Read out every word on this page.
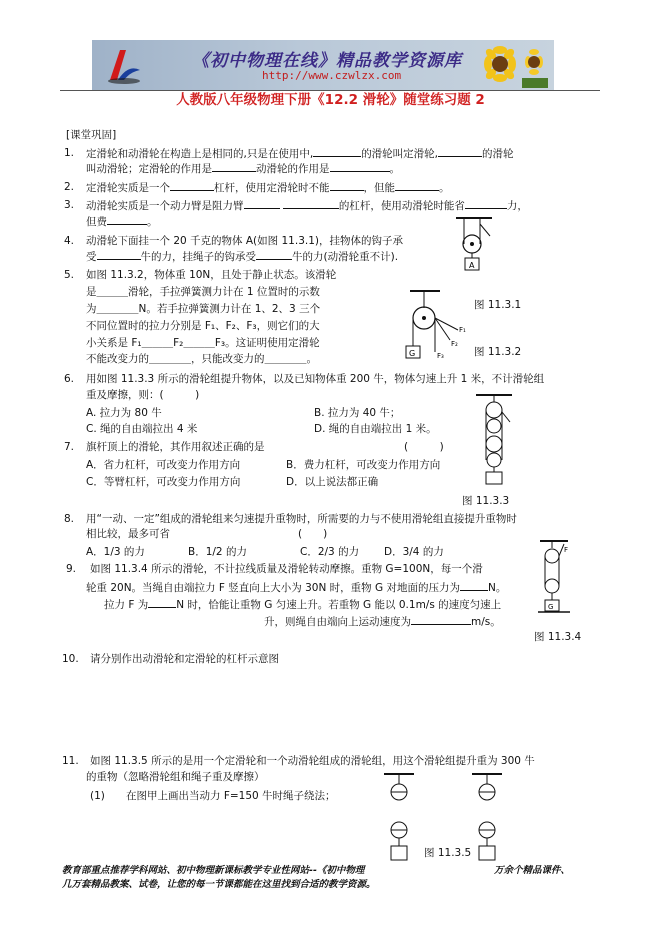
《初中物理在线》精品教学资源库
http://www.czwlzx.com
人教版八年级物理下册《12.2 滑轮》随堂练习题 2
[课堂巩固]
1. 定滑轮和动滑轮在构造上是相同的,只是在使用中,	的滑轮叫定滑轮,	的滑轮
叫动滑轮；定滑轮的作用是	动滑轮的作用是	。
2. 定滑轮实质是一个	杠杆，使用定滑轮时不能	，但能	。
3. 动滑轮实质是一个动力臂是阻力臂	的杠杆，使用动滑轮时能省	力，
但费	。
4. 动滑轮下面挂一个 20 千克的物体 A(如图 11.3.1)，挂物体的钩子承
受	牛的力，挂绳子的钩承受	牛的力(动滑轮重不计).
A
图 11.3.1
5. 如图 11.3.2，物体重 10N，且处于静止状态。该滑轮
是＿＿＿滑轮，手拉弹簧测力计在 1 位置时的示数
为＿＿＿＿N。若手拉弹簧测力计在 1、2、3 三个
不同位置时的拉力分别是 F₁、F₂、F₃，则它们的大
小关系是 F₁＿＿＿F₂＿＿＿F₃。这证明使用定滑轮
不能改变力的＿＿＿＿，只能改变力的＿＿＿＿。	G
F₁
F₂
F₃	图 11.3.2
6. 用如图 11.3.3 所示的滑轮组提升物体，以及已知物体重 200 牛，物体匀速上升 1 米，不计滑轮组
重及摩擦，则：(　　　)
A. 拉力为 80 牛	B. 拉力为 40 牛；
C. 绳的自由端拉出 4 米	D. 绳的自由端拉出 1 米。
图 11.3.3
7. 旗杆顶上的滑轮，其作用叙述正确的是	(　　　)
A．省力杠杆，可改变力作用方向	B．费力杠杆，可改变力作用方向
C．等臂杠杆，可改变力作用方向	D．以上说法都正确
8. 用“一动、一定”组成的滑轮组来匀速提升重物时，所需要的力与不使用滑轮组直接提升重物时
相比较，最多可省	(　　)
A．1/3 的力	B．1/2 的力	C．2/3 的力 D．3/4 的力
9. 如图 11.3.4 所示的滑轮，不计拉线质量及滑轮转动摩擦。重物 G=100N，每一个滑
轮重 20N。当绳自由端拉力 F 竖直向上大小为 30N 时，重物 G 对地面的压力为	N。
拉力 F 为	N 时，恰能让重物 G 匀速上升。若重物 G 能以 0.1m/s 的速度匀速上
升，则绳自由端向上运动速度为	m/s。
F
G
图 11.3.4
10. 请分别作出动滑轮和定滑轮的杠杆示意图
11. 如图 11.3.5 所示的是用一个定滑轮和一个动滑轮组成的滑轮组，用这个滑轮组提升重为 300 牛
的重物（忽略滑轮组和绳子重及摩擦）
(1) 在图甲上画出当动力 F=150 牛时绳子绕法；
图 11.3.5
教育部重点推荐学科网站、初中物理新课标教学专业性网站--《初中物理	万余个精品课件、
几万套精品教案、试卷，让您的每一节课都能在这里找到合适的教学资源。
